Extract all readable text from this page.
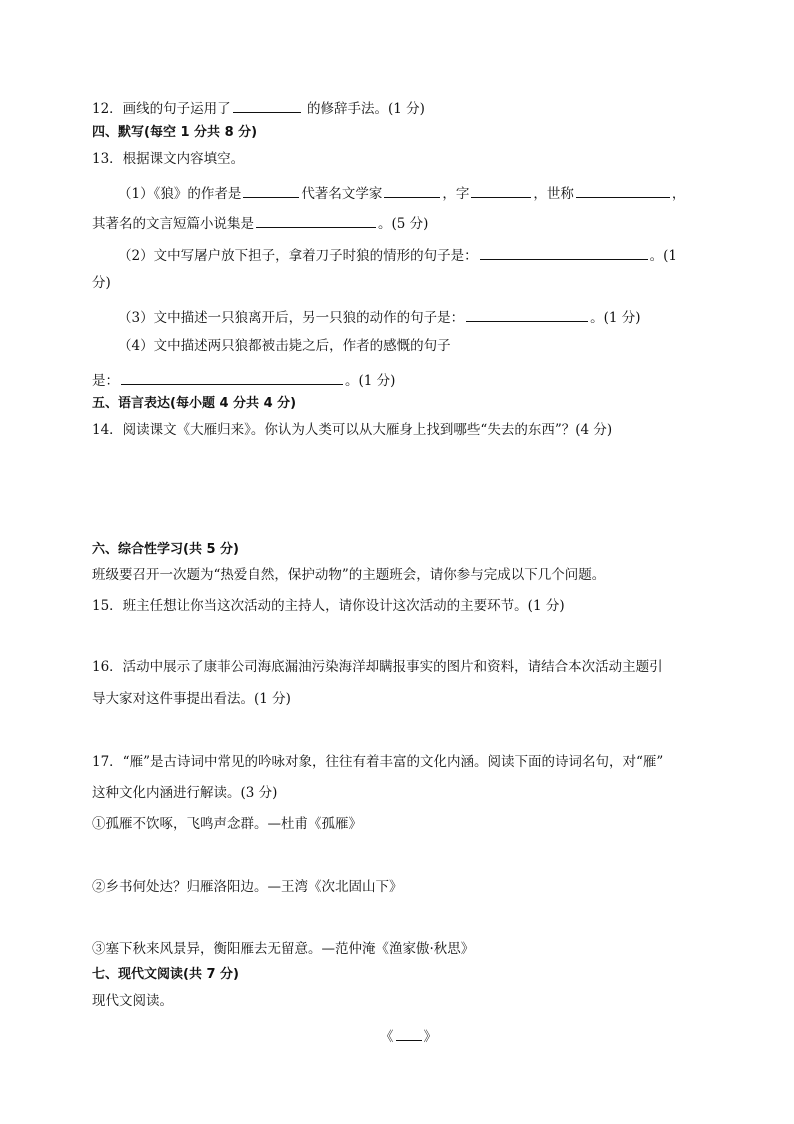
12．画线的句子运用了	的修辞手法。(1 分)
四、默写(每空 1 分共 8 分)
13．根据课文内容填空。
（1）《狼》的作者是	代著名文学家	，字	，世称	，
其著名的文言短篇小说集是	。(5 分)
（2）文中写屠户放下担子，拿着刀子时狼的情形的句子是：	。(1
分)
（3）文中描述一只狼离开后，另一只狼的动作的句子是：	。(1 分)
（4）文中描述两只狼都被击毙之后，作者的感慨的句子
是：	。(1 分)
五、语言表达(每小题 4 分共 4 分)
14．阅读课文《大雁归来》。你认为人类可以从大雁身上找到哪些“失去的东西”？(4 分)
六、综合性学习(共 5 分)
班级要召开一次题为“热爱自然，保护动物”的主题班会，请你参与完成以下几个问题。
15．班主任想让你当这次活动的主持人，请你设计这次活动的主要环节。(1 分)
16．活动中展示了康菲公司海底漏油污染海洋却瞒报事实的图片和资料，请结合本次活动主题引
导大家对这件事提出看法。(1 分)
17．“雁”是古诗词中常见的吟咏对象，往往有着丰富的文化内涵。阅读下面的诗词名句，对“雁”
这种文化内涵进行解读。(3 分)
①孤雁不饮啄，飞鸣声念群。—杜甫《孤雁》
②乡书何处达？归雁洛阳边。—王湾《次北固山下》
③塞下秋来风景异，衡阳雁去无留意。—范仲淹《渔家傲·秋思》
七、现代文阅读(共 7 分)
现代文阅读。
《 》
